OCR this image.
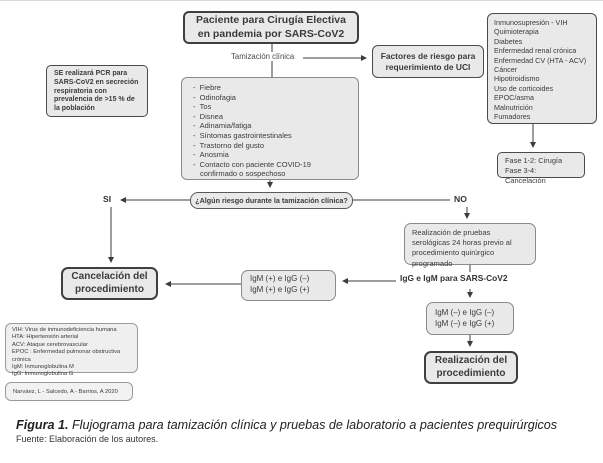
Paciente para Cirugía Electiva en pandemia por SARS-CoV2
Tamización clínica	Factores de riesgo para requerimiento de UCI
Inmunosupresión - VIH
Quimioterapia
Diabetes
Enfermedad renal crónica
Enfermedad CV (HTA - ACV)
Cáncer
Hipotiroidismo
Uso de corticoides
EPOC/asma
Malnutrición
Fumadores
Fase 1-2: Cirugía
Fase 3-4: Cancelación
SE realizará PCR para SARS-CoV2 en secreción respiratoria con prevalencia de >15 % de la población
-  Fiebre
-  Odinofagia
-  Tos
-  Disnea
-  Adinamia/fatiga
-  Síntomas gastrointestinales
-  Trastorno del gusto
-  Anosmia
-  Contacto con paciente COVID-19 confirmado o sospechoso
¿Algún riesgo durante la tamización clínica?
SI	NO
Cancelación del procedimiento
IgM (+) e IgG (–)
IgM (+) e IgG (+)
Realización de pruebas serológicas 24 horas previo al procedimiento quirúrgico programado
IgG e IgM para SARS-CoV2
IgM (–) e IgG (–)
IgM (–) e IgG (+)
Realización del procedimiento
VIH: Virus de inmunodeficiencia humana
HTA: Hipertensión arterial
ACV: Ataque cerebrovascular
EPOC : Enfermedad pulmonar obstructiva crónica
IgM: Inmunoglobulina M
IgG: Inmunoglobulina G
Narváez, L - Salcedo, A - Barrios, A 2020
Figura 1. Flujograma para tamización clínica y pruebas de laboratorio a pacientes prequirúrgicos
Fuente: Elaboración de los autores.
